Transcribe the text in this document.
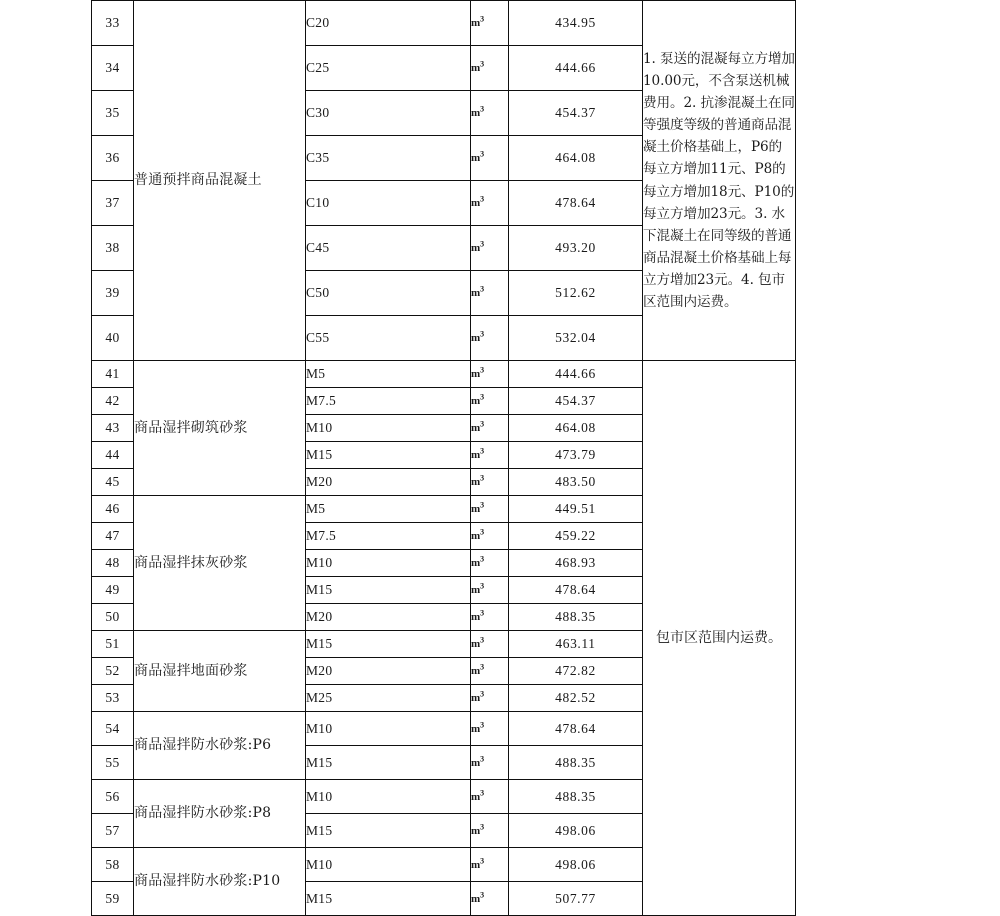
33	普通预拌商品混凝土	C20	$m^3$	434.95	1. 泵送的混凝每立方增加10.00元，不含泵送机械费用。2. 抗渗混凝土在同等强度等级的普通商品混凝土价格基础上，P6的每立方增加11元、P8的每立方增加18元、P10的每立方增加23元。3. 水下混凝土在同等级的普通商品混凝土价格基础上每立方增加23元。4. 包市区范围内运费。
34		C25	$m^3$	444.66	
35		C30	$m^3$	454.37	
36		C35	$m^3$	464.08	
37		C10	$m^3$	478.64	
38		C45	$m^3$	493.20	
39		C50	$m^3$	512.62	
40		C55	$m^3$	532.04	
41	商品湿拌砌筑砂浆	M5	$m^3$	444.66	包市区范围内运费。
42		M7.5	$m^3$	454.37	
43		M10	$m^3$	464.08	
44		M15	$m^3$	473.79	
45		M20	$m^3$	483.50	
46	商品湿拌抹灰砂浆	M5	$m^3$	449.51	
47		M7.5	$m^3$	459.22	
48		M10	$m^3$	468.93	
49		M15	$m^3$	478.64	
50		M20	$m^3$	488.35	
51	商品湿拌地面砂浆	M15	$m^3$	463.11	
52		M20	$m^3$	472.82	
53		M25	$m^3$	482.52	
54	商品湿拌防水砂浆:P6	M10	$m^3$	478.64	
55		M15	$m^3$	488.35	
56	商品湿拌防水砂浆:P8	M10	$m^3$	488.35	
57		M15	$m^3$	498.06	
58	商品湿拌防水砂浆:P10	M10	$m^3$	498.06	
59		M15	$m^3$	507.77	
